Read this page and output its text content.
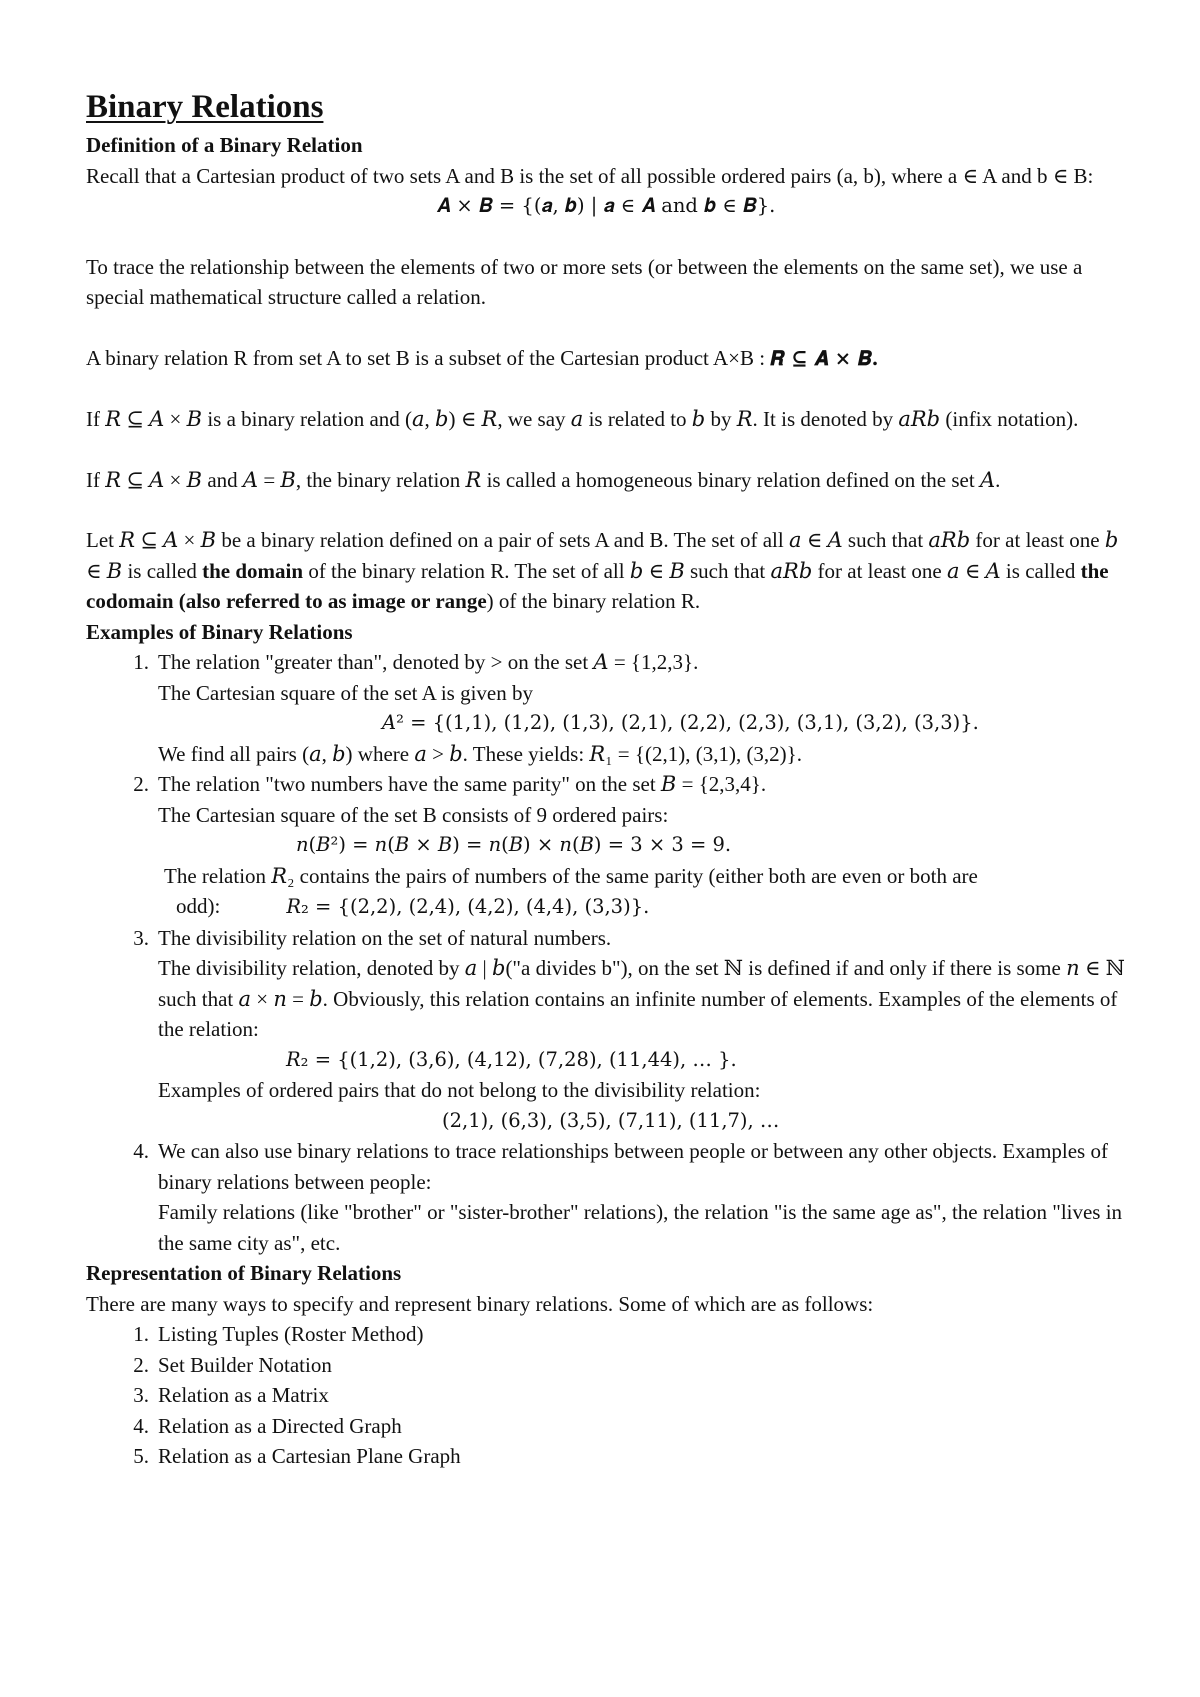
Binary Relations
Definition of a Binary Relation

Recall that a Cartesian product of two sets A and B is the set of all possible ordered pairs (a, b), where a ∈ A and b ∈ B:

𝑨 × 𝑩 = {(𝒂, 𝒃) | 𝒂 ∈ 𝑨 and 𝒃 ∈ 𝑩}.

To trace the relationship between the elements of two or more sets (or between the elements on the same set), we use a special mathematical structure called a relation.

A binary relation R from set A to set B is a subset of the Cartesian product A×B : 𝑹 ⊆ 𝑨 × 𝑩.

If 𝑅 ⊆ 𝐴 × 𝐵 is a binary relation and (𝑎, 𝑏) ∈ 𝑅, we say 𝑎 is related to 𝑏 by 𝑅. It is denoted by 𝑎𝑅𝑏 (infix notation).

If 𝑅 ⊆ 𝐴 × 𝐵 and 𝐴 = 𝐵, the binary relation 𝑅 is called a homogeneous binary relation defined on the set 𝐴.

Let 𝑅 ⊆ 𝐴 × 𝐵 be a binary relation defined on a pair of sets A and B. The set of all 𝑎 ∈ 𝐴 such that 𝑎𝑅𝑏 for at least one 𝑏 ∈ 𝐵 is called the domain of the binary relation R. The set of all 𝑏 ∈ 𝐵 such that 𝑎𝑅𝑏 for at least one 𝑎 ∈ 𝐴 is called the codomain (also referred to as image or range) of the binary relation R.

Examples of Binary Relations
1. The relation "greater than", denoted by > on the set 𝐴 = {1,2,3}.

The Cartesian square of the set A is given by

𝐴² = {(1,1), (1,2), (1,3), (2,1), (2,2), (2,3), (3,1), (3,2), (3,3)}.

We find all pairs (𝑎, 𝑏) where 𝑎 > 𝑏. These yields: 𝑅₁ = {(2,1), (3,1), (3,2)}.

2. The relation "two numbers have the same parity" on the set 𝐵 = {2,3,4}.

The Cartesian square of the set B consists of 9 ordered pairs:

𝑛(𝐵²) = 𝑛(𝐵 × 𝐵) = 𝑛(𝐵) × 𝑛(𝐵) = 3 × 3 = 9.

The relation 𝑅₂ contains the pairs of numbers of the same parity (either both are even or both are

odd):	𝑅₂ = {(2,2), (2,4), (4,2), (4,4), (3,3)}.

3. The divisibility relation on the set of natural numbers.

The divisibility relation, denoted by 𝑎 | 𝑏("a divides b"), on the set ℕ is defined if and only if there is some 𝑛 ∈ ℕ such that 𝑎 × 𝑛 = 𝑏. Obviously, this relation contains an infinite number of elements. Examples of the elements of the relation:

𝑅₂ = {(1,2), (3,6), (4,12), (7,28), (11,44), … }.

Examples of ordered pairs that do not belong to the divisibility relation:

(2,1), (6,3), (3,5), (7,11), (11,7), …

4. We can also use binary relations to trace relationships between people or between any other objects. Examples of binary relations between people:

Family relations (like "brother" or "sister-brother" relations), the relation "is the same age as", the relation "lives in the same city as", etc.

Representation of Binary Relations

There are many ways to specify and represent binary relations. Some of which are as follows:

1. Listing Tuples (Roster Method)
2. Set Builder Notation
3. Relation as a Matrix
4. Relation as a Directed Graph
5. Relation as a Cartesian Plane Graph
